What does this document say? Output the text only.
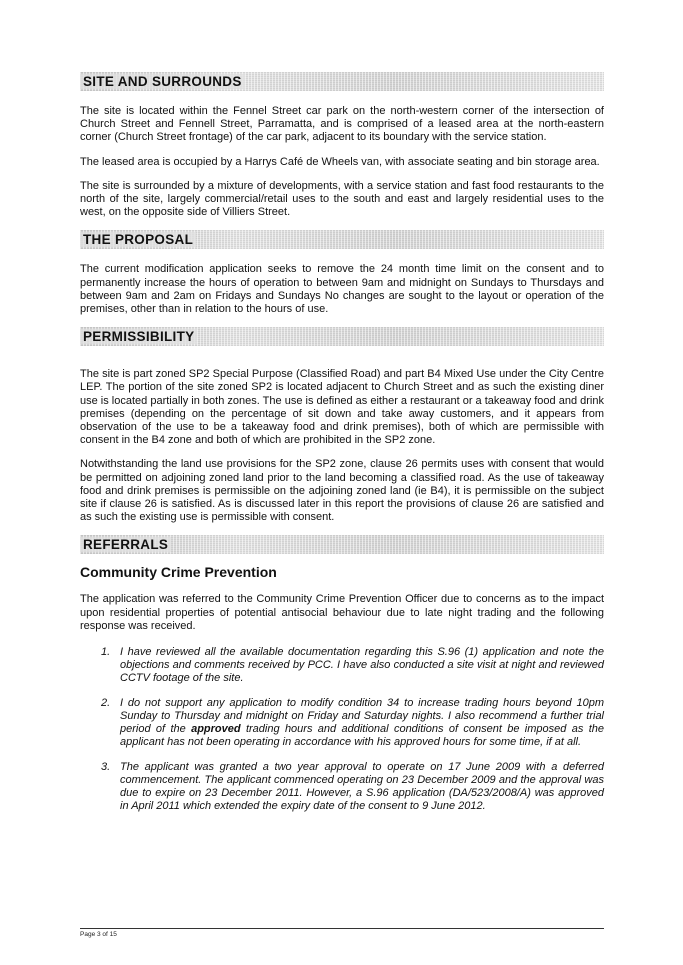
SITE AND SURROUNDS

The site is located within the Fennel Street car park on the north-western corner of the intersection of Church Street and Fennell Street, Parramatta, and is comprised of a leased area at the north-eastern corner (Church Street frontage) of the car park, adjacent to its boundary with the service station.

The leased area is occupied by a Harrys Café de Wheels van, with associate seating and bin storage area.

The site is surrounded by a mixture of developments, with a service station and fast food restaurants to the north of the site, largely commercial/retail uses to the south and east and largely residential uses to the west, on the opposite side of Villiers Street.

THE PROPOSAL

The current modification application seeks to remove the 24 month time limit on the consent and to permanently increase the hours of operation to between 9am and midnight on Sundays to Thursdays and between 9am and 2am on Fridays and Sundays No changes are sought to the layout or operation of the premises, other than in relation to the hours of use.

PERMISSIBILITY

The site is part zoned SP2 Special Purpose (Classified Road) and part B4 Mixed Use under the City Centre LEP. The portion of the site zoned SP2 is located adjacent to Church Street and as such the existing diner use is located partially in both zones. The use is defined as either a restaurant or a takeaway food and drink premises (depending on the percentage of sit down and take away customers, and it appears from observation of the use to be a takeaway food and drink premises), both of which are permissible with consent in the B4 zone and both of which are prohibited in the SP2 zone.

Notwithstanding the land use provisions for the SP2 zone, clause 26 permits uses with consent that would be permitted on adjoining zoned land prior to the land becoming a classified road. As the use of takeaway food and drink premises is permissible on the adjoining zoned land (ie B4), it is permissible on the subject site if clause 26 is satisfied. As is discussed later in this report the provisions of clause 26 are satisfied and as such the existing use is permissible with consent.

REFERRALS
Community Crime Prevention

The application was referred to the Community Crime Prevention Officer due to concerns as to the impact upon residential properties of potential antisocial behaviour due to late night trading and the following response was received.

1. I have reviewed all the available documentation regarding this S.96 (1) application and note the objections and comments received by PCC. I have also conducted a site visit at night and reviewed CCTV footage of the site.
2. I do not support any application to modify condition 34 to increase trading hours beyond 10pm Sunday to Thursday and midnight on Friday and Saturday nights. I also recommend a further trial period of the approved trading hours and additional conditions of consent be imposed as the applicant has not been operating in accordance with his approved hours for some time, if at all.
3. The applicant was granted a two year approval to operate on 17 June 2009 with a deferred commencement. The applicant commenced operating on 23 December 2009 and the approval was due to expire on 23 December 2011. However, a S.96 application (DA/523/2008/A) was approved in April 2011 which extended the expiry date of the consent to 9 June 2012.
Page 3 of 15
